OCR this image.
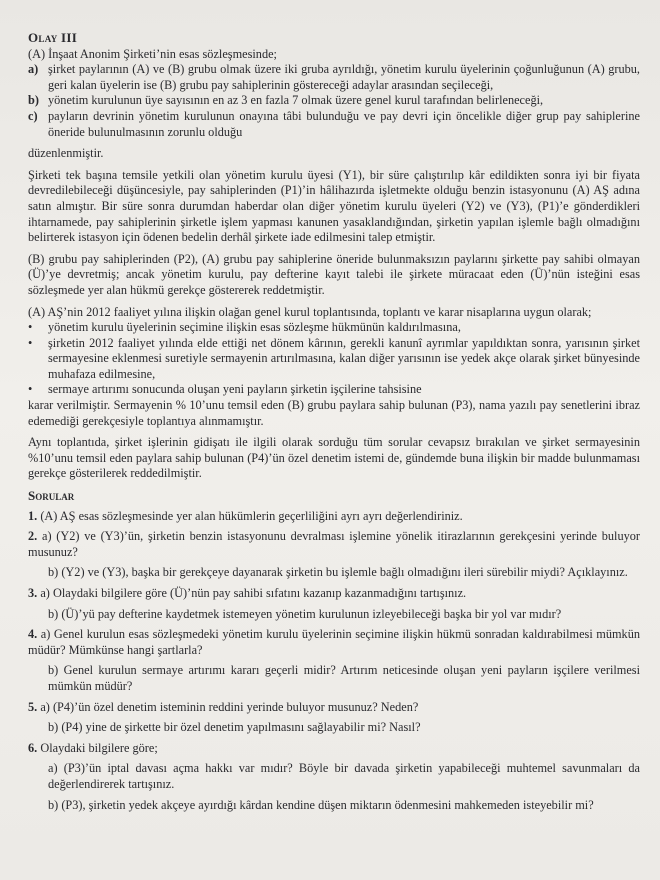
Olay III

(A) İnşaat Anonim Şirketi’nin esas sözleşmesinde;

a) şirket paylarının (A) ve (B) grubu olmak üzere iki gruba ayrıldığı, yönetim kurulu üyelerinin çoğunluğunun (A) grubu, geri kalan üyelerin ise (B) grubu pay sahiplerinin göstereceği adaylar arasından seçileceği,
b) yönetim kurulunun üye sayısının en az 3 en fazla 7 olmak üzere genel kurul tarafından belirleneceği,
c) payların devrinin yönetim kurulunun onayına tâbi bulunduğu ve pay devri için öncelikle diğer grup pay sahiplerine öneride bulunulmasının zorunlu olduğu

düzenlenmiştir.

Şirketi tek başına temsile yetkili olan yönetim kurulu üyesi (Y1), bir süre çalıştırılıp kâr edildikten sonra iyi bir fiyata devredilebileceği düşüncesiyle, pay sahiplerinden (P1)’in hâlihazırda işletmekte olduğu benzin istasyonunu (A) AŞ adına satın almıştır. Bir süre sonra durumdan haberdar olan diğer yönetim kurulu üyeleri (Y2) ve (Y3), (P1)’e gönderdikleri ihtarnamede, pay sahiplerinin şirketle işlem yapması kanunen yasaklandığından, şirketin yapılan işlemle bağlı olmadığını belirterek istasyon için ödenen bedelin derhâl şirkete iade edilmesini talep etmiştir.

(B) grubu pay sahiplerinden (P2), (A) grubu pay sahiplerine öneride bulunmaksızın paylarını şirkette pay sahibi olmayan (Ü)’ye devretmiş; ancak yönetim kurulu, pay defterine kayıt talebi ile şirkete müracaat eden (Ü)’nün isteğini esas sözleşmede yer alan hükmü gerekçe göstererek reddetmiştir.

(A) AŞ’nin 2012 faaliyet yılına ilişkin olağan genel kurul toplantısında, toplantı ve karar nisaplarına uygun olarak;

•	yönetim kurulu üyelerinin seçimine ilişkin esas sözleşme hükmünün kaldırılmasına,
•	şirketin 2012 faaliyet yılında elde ettiği net dönem kârının, gerekli kanunî ayrımlar yapıldıktan sonra, yarısının şirket sermayesine eklenmesi suretiyle sermayenin artırılmasına, kalan diğer yarısının ise yedek akçe olarak şirket bünyesinde muhafaza edilmesine,
•	sermaye artırımı sonucunda oluşan yeni payların şirketin işçilerine tahsisine

karar verilmiştir. Sermayenin % 10’unu temsil eden (B) grubu paylara sahip bulunan (P3), nama yazılı pay senetlerini ibraz edemediği gerekçesiyle toplantıya alınmamıştır.

Aynı toplantıda, şirket işlerinin gidişatı ile ilgili olarak sorduğu tüm sorular cevapsız bırakılan ve şirket sermayesinin %10’unu temsil eden paylara sahip bulunan (P4)’ün özel denetim istemi de, gündemde buna ilişkin bir madde bulunmaması gerekçe gösterilerek reddedilmiştir.

Sorular

1. (A) AŞ esas sözleşmesinde yer alan hükümlerin geçerliliğini ayrı ayrı değerlendiriniz.

2. a) (Y2) ve (Y3)’ün, şirketin benzin istasyonunu devralması işlemine yönelik itirazlarının gerekçesini yerinde buluyor musunuz?

b) (Y2) ve (Y3), başka bir gerekçeye dayanarak şirketin bu işlemle bağlı olmadığını ileri sürebilir miydi? Açıklayınız.

3. a) Olaydaki bilgilere göre (Ü)’nün pay sahibi sıfatını kazanıp kazanmadığını tartışınız.

b) (Ü)’yü pay defterine kaydetmek istemeyen yönetim kurulunun izleyebileceği başka bir yol var mıdır?

4. a) Genel kurulun esas sözleşmedeki yönetim kurulu üyelerinin seçimine ilişkin hükmü sonradan kaldırabilmesi mümkün müdür? Mümkünse hangi şartlarla?

b) Genel kurulun sermaye artırımı kararı geçerli midir? Artırım neticesinde oluşan yeni payların işçilere verilmesi mümkün müdür?

5. a) (P4)’ün özel denetim isteminin reddini yerinde buluyor musunuz? Neden?

b) (P4) yine de şirkette bir özel denetim yapılmasını sağlayabilir mi? Nasıl?

6. Olaydaki bilgilere göre;

a) (P3)’ün iptal davası açma hakkı var mıdır? Böyle bir davada şirketin yapabileceği muhtemel savunmaları da değerlendirerek tartışınız.

b) (P3), şirketin yedek akçeye ayırdığı kârdan kendine düşen miktarın ödenmesini mahkemeden isteyebilir mi?
